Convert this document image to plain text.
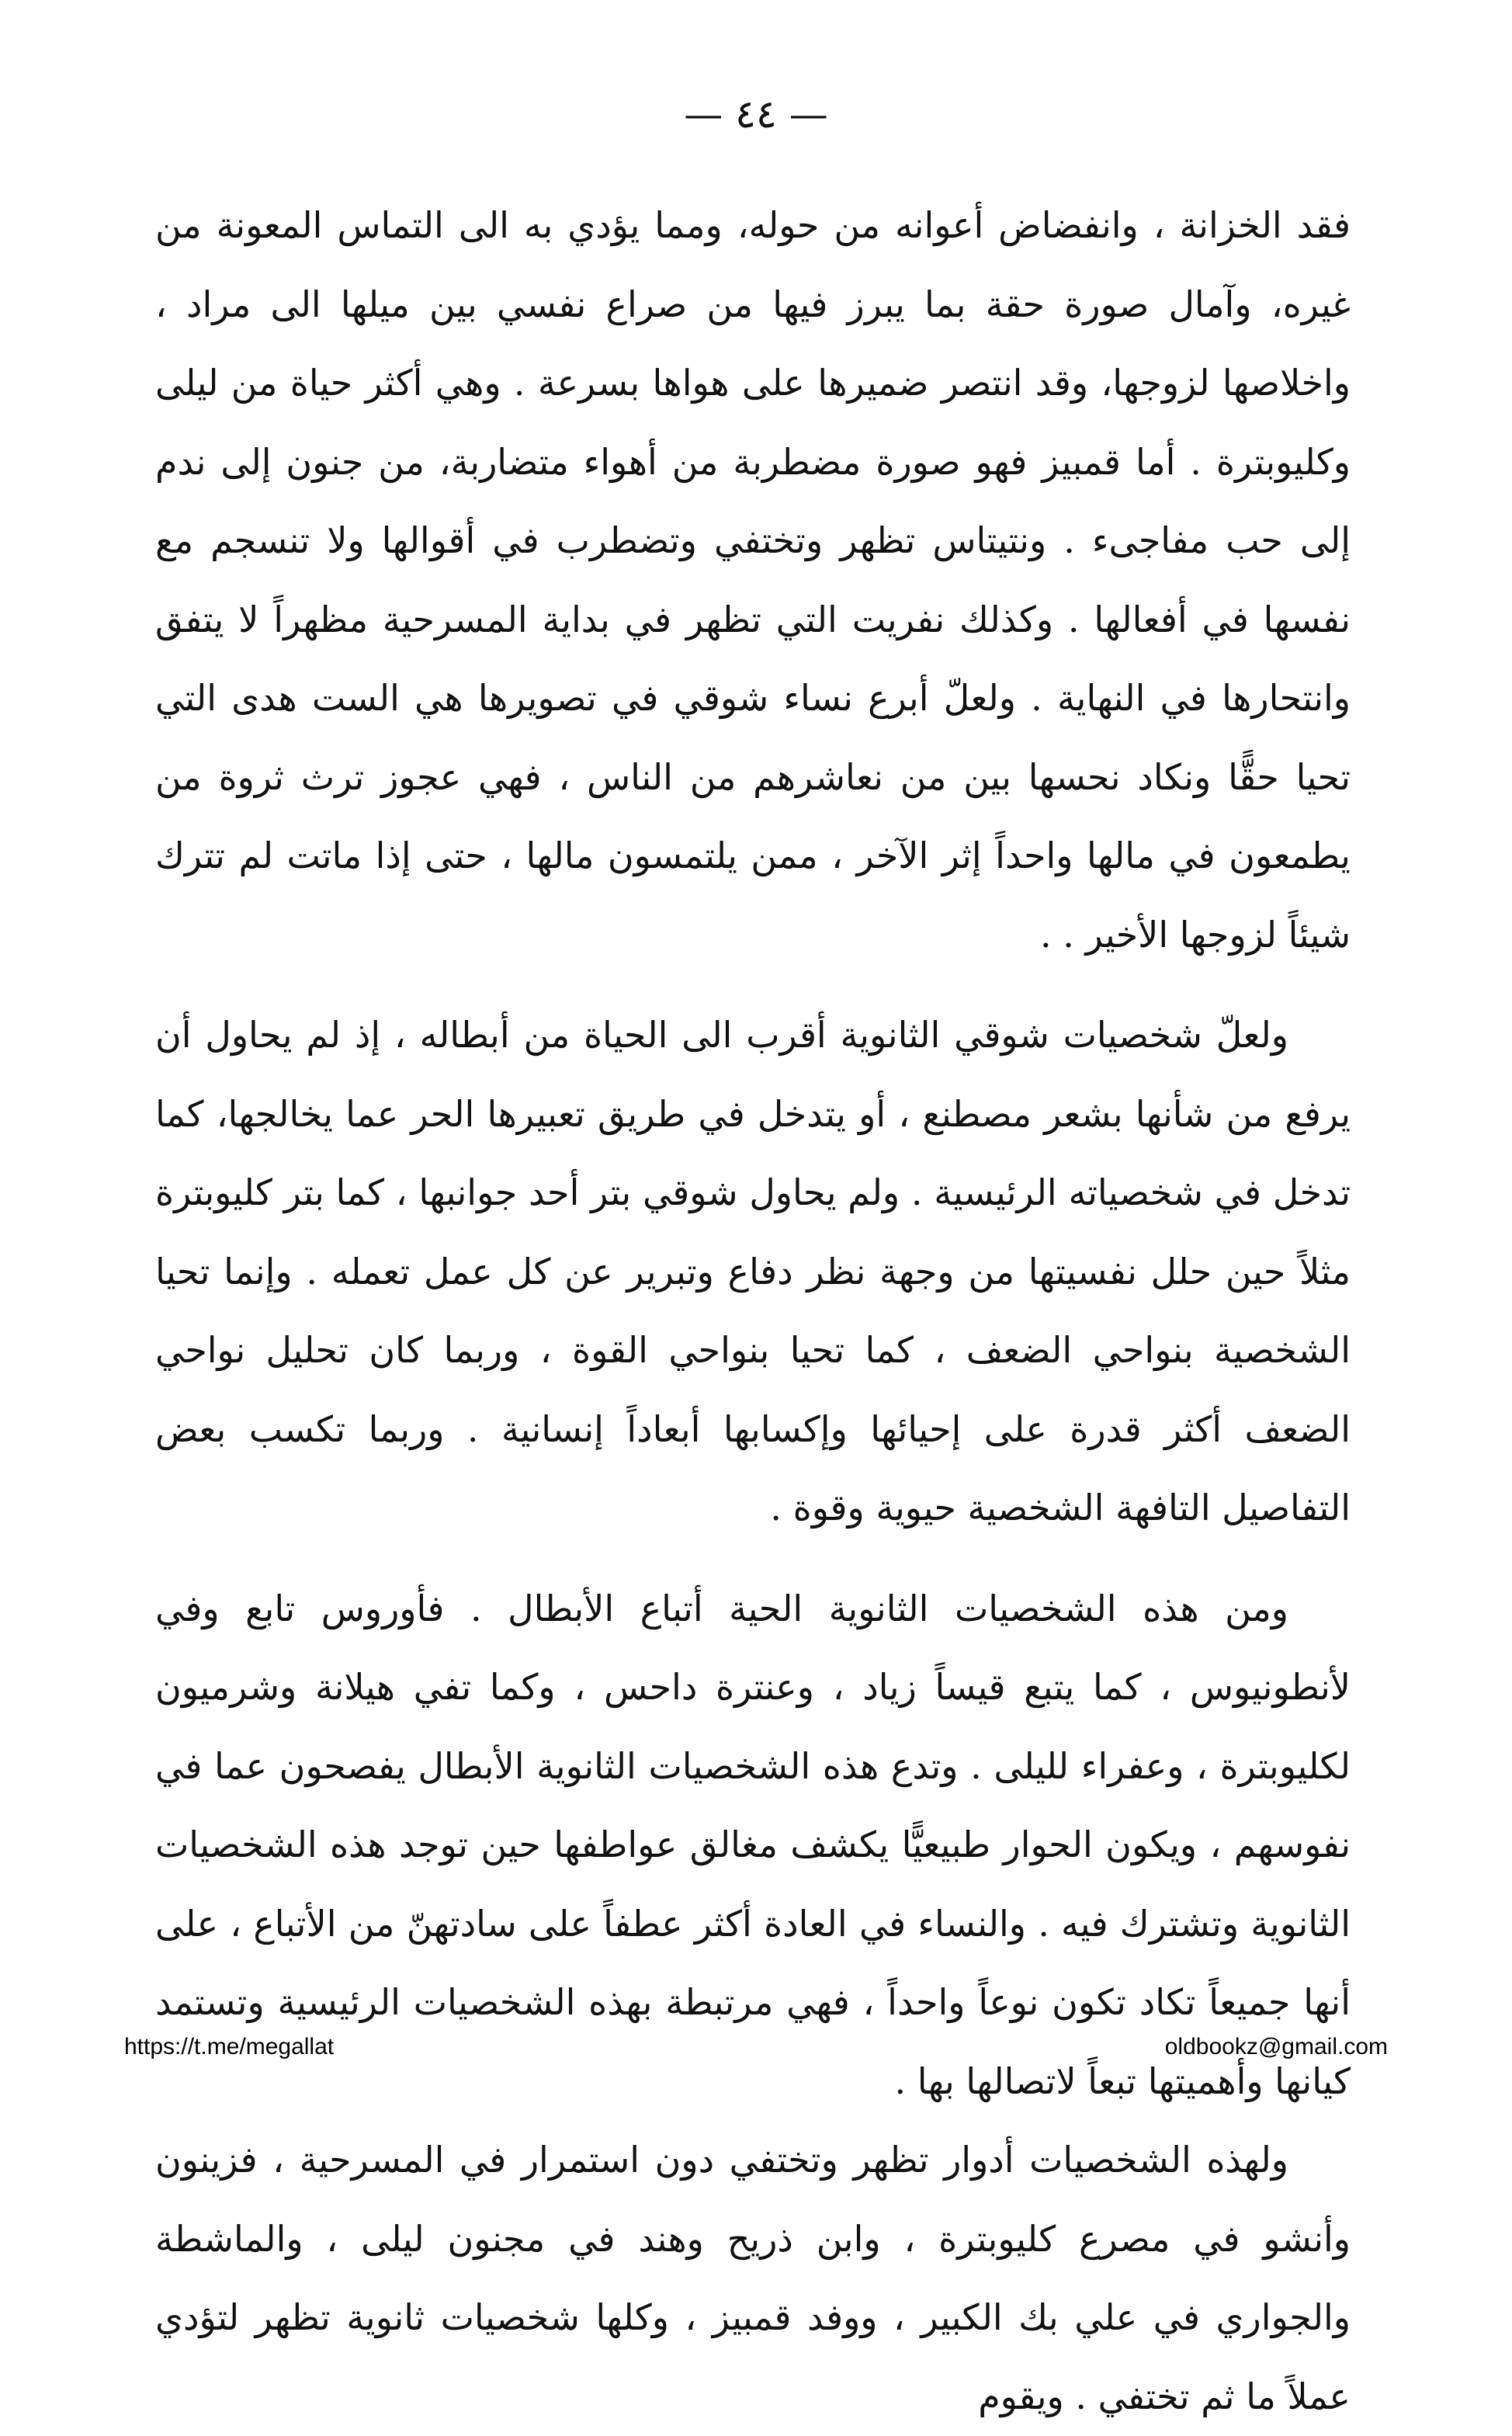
— ٤٤ —

فقد الخزانة ، وانفضاض أعوانه من حوله، ومما يؤدي به الى التماس المعونة من غيره، وآمال صورة حقة بما يبرز فيها من صراع نفسي بين ميلها الى مراد ، واخلاصها لزوجها، وقد انتصر ضميرها على هواها بسرعة . وهي أكثر حياة من ليلى وكليوبترة . أما قمبيز فهو صورة مضطربة من أهواء متضاربة، من جنون إلى ندم إلى حب مفاجىء . ونتيتاس تظهر وتختفي وتضطرب في أقوالها ولا تنسجم مع نفسها في أفعالها . وكذلك نفريت التي تظهر في بداية المسرحية مظهراً لا يتفق وانتحارها في النهاية . ولعلّ أبرع نساء شوقي في تصويرها هي الست هدى التي تحيا حقًّا ونكاد نحسها بين من نعاشرهم من الناس ، فهي عجوز ترث ثروة من يطمعون في مالها واحداً إثر الآخر ، ممن يلتمسون مالها ، حتى إذا ماتت لم تترك شيئاً لزوجها الأخير . .

ولعلّ شخصيات شوقي الثانوية أقرب الى الحياة من أبطاله ، إذ لم يحاول أن يرفع من شأنها بشعر مصطنع ، أو يتدخل في طريق تعبيرها الحر عما يخالجها، كما تدخل في شخصياته الرئيسية . ولم يحاول شوقي بتر أحد جوانبها ، كما بتر كليوبترة مثلاً حين حلل نفسيتها من وجهة نظر دفاع وتبرير عن كل عمل تعمله . وإنما تحيا الشخصية بنواحي الضعف ، كما تحيا بنواحي القوة ، وربما كان تحليل نواحي الضعف أكثر قدرة على إحيائها وإكسابها أبعاداً إنسانية . وربما تكسب بعض التفاصيل التافهة الشخصية حيوية وقوة .

ومن هذه الشخصيات الثانوية الحية أتباع الأبطال . فأوروس تابع وفي لأنطونيوس ، كما يتبع قيساً زياد ، وعنترة داحس ، وكما تفي هيلانة وشرميون لكليوبترة ، وعفراء لليلى . وتدع هذه الشخصيات الثانوية الأبطال يفصحون عما في نفوسهم ، ويكون الحوار طبيعيًّا يكشف مغالق عواطفها حين توجد هذه الشخصيات الثانوية وتشترك فيه . والنساء في العادة أكثر عطفاً على سادتهنّ من الأتباع ، على أنها جميعاً تكاد تكون نوعاً واحداً ، فهي مرتبطة بهذه الشخصيات الرئيسية وتستمد كيانها وأهميتها تبعاً لاتصالها بها .

ولهذه الشخصيات أدوار تظهر وتختفي دون استمرار في المسرحية ، فزينون وأنشو في مصرع كليوبترة ، وابن ذريح وهند في مجنون ليلى ، والماشطة والجواري في علي بك الكبير ، ووفد قمبيز ، وكلها شخصيات ثانوية تظهر لتؤدي عملاً ما ثم تختفي . ويقوم

https://t.me/megallat	oldbookz@gmail.com
